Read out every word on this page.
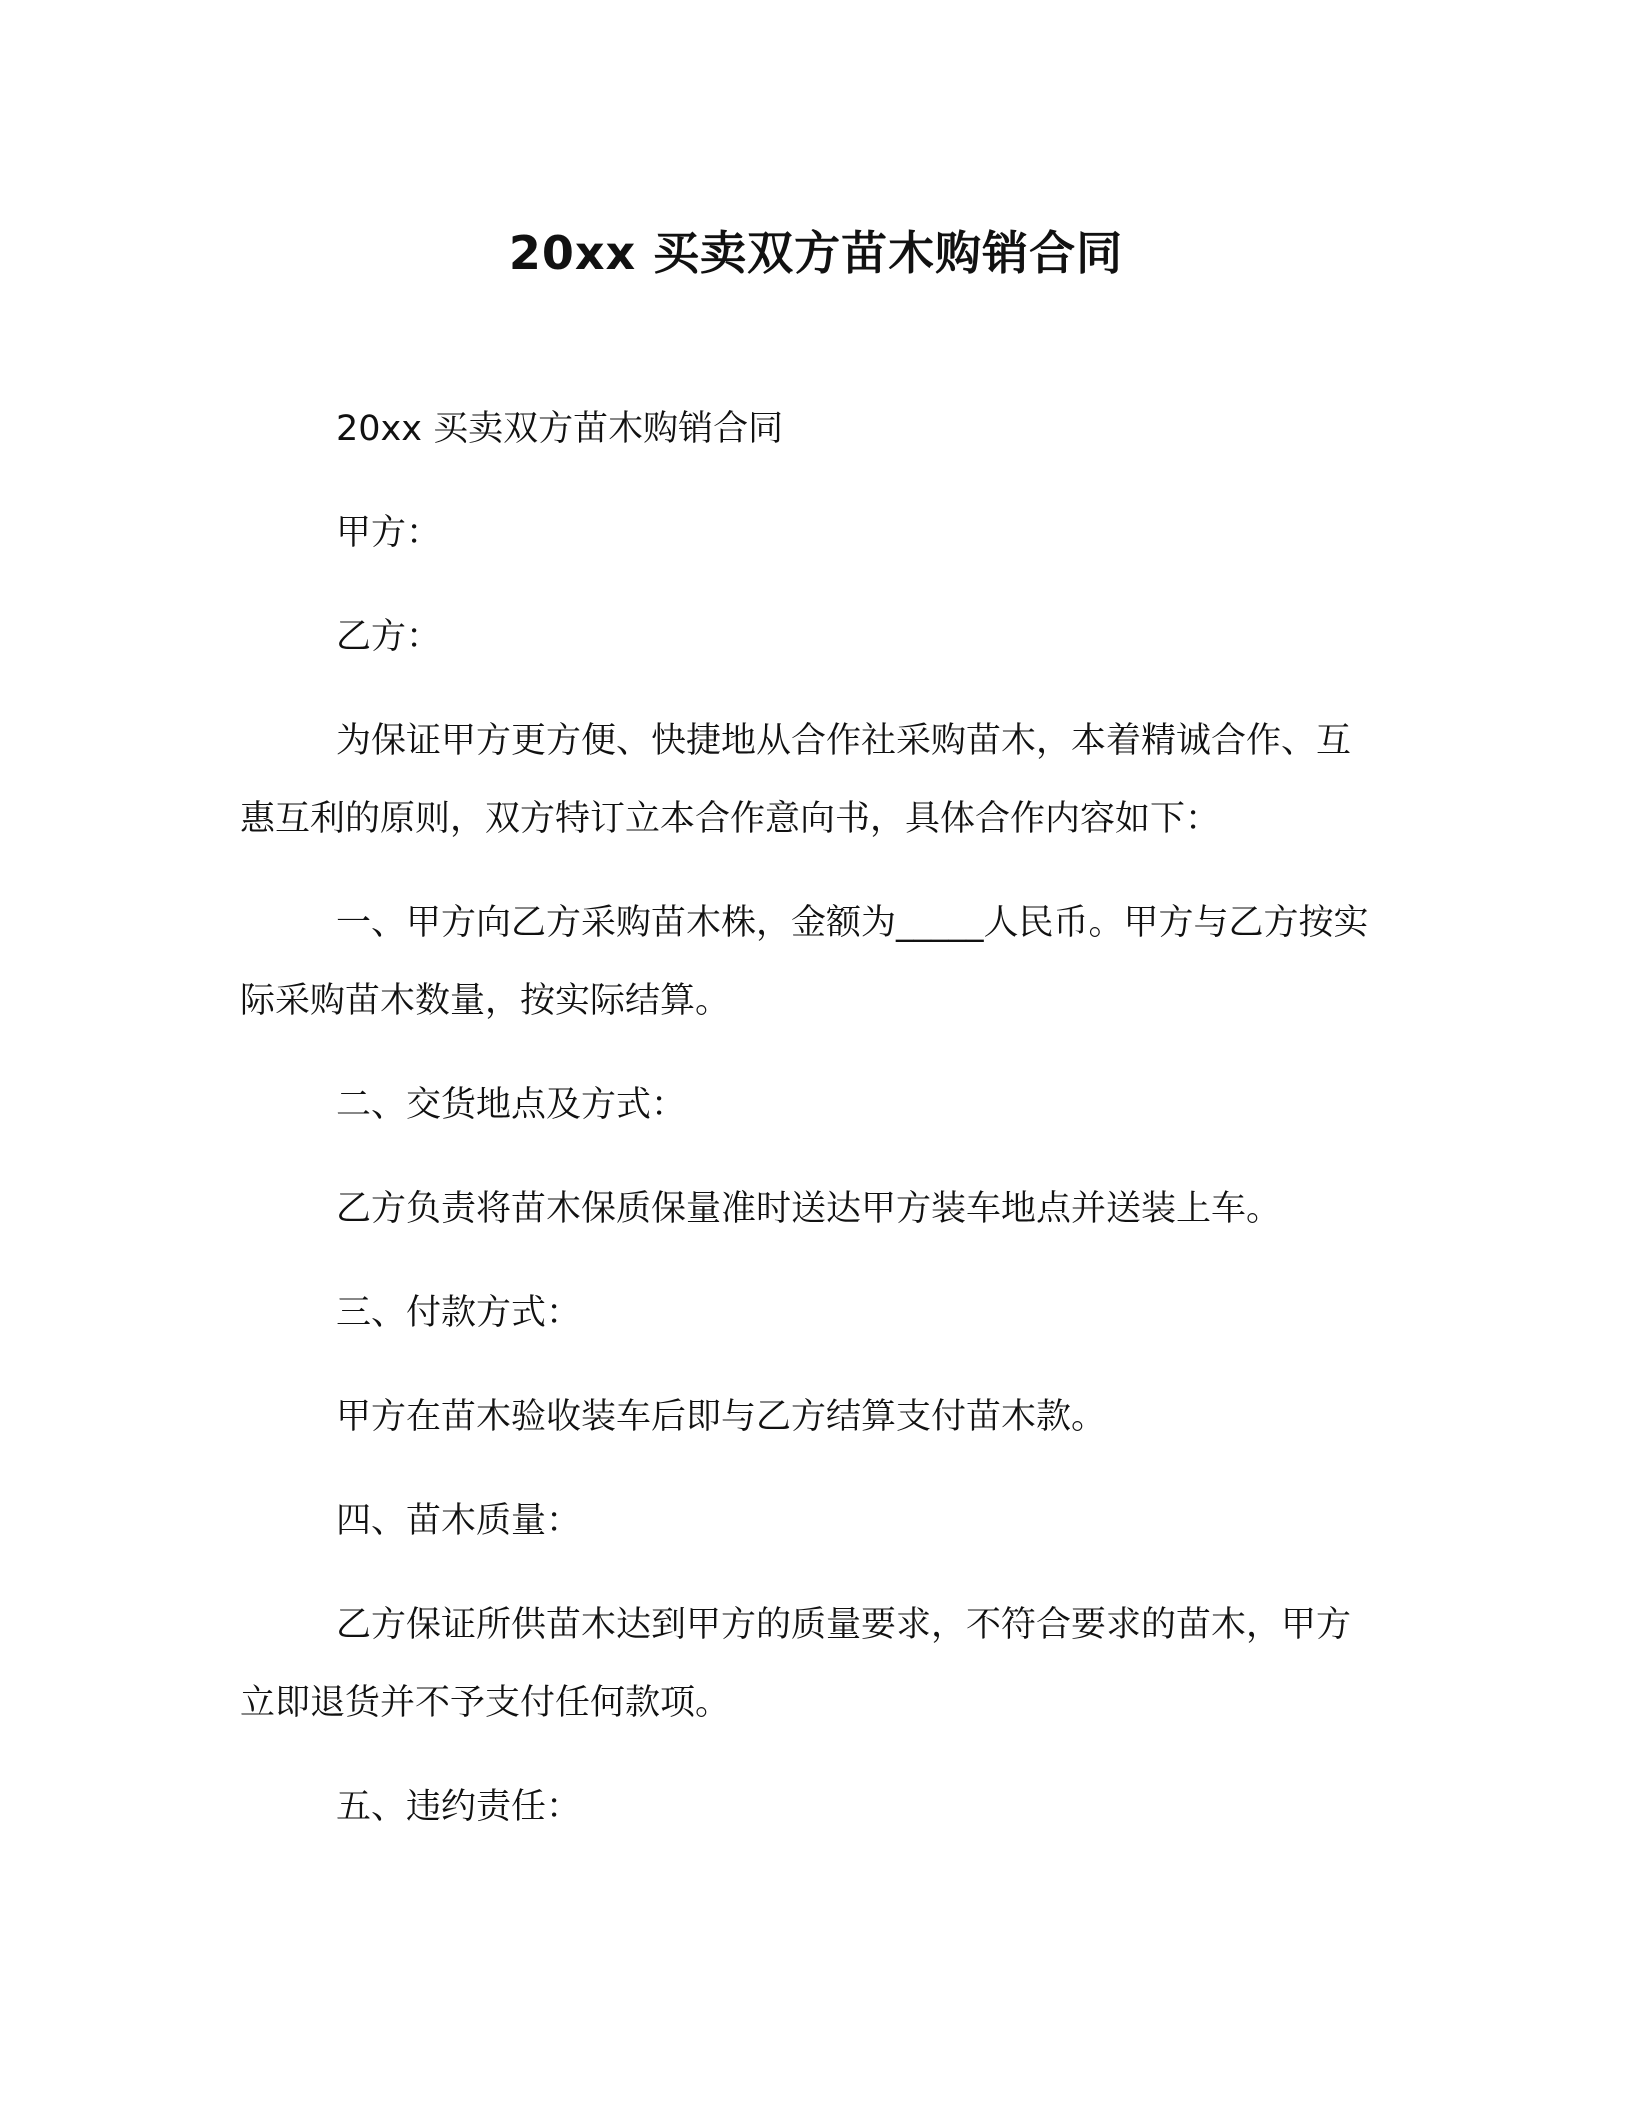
20xx 买卖双方苗木购销合同

20xx 买卖双方苗木购销合同

甲方：

乙方：

为保证甲方更方便、快捷地从合作社采购苗木，本着精诚合作、互惠互利的原则，双方特订立本合作意向书，具体合作内容如下：

一、甲方向乙方采购苗木株，金额为_____人民币。甲方与乙方按实际采购苗木数量，按实际结算。

二、交货地点及方式：

乙方负责将苗木保质保量准时送达甲方装车地点并送装上车。

三、付款方式：

甲方在苗木验收装车后即与乙方结算支付苗木款。

四、苗木质量：

乙方保证所供苗木达到甲方的质量要求，不符合要求的苗木，甲方立即退货并不予支付任何款项。

五、违约责任：
